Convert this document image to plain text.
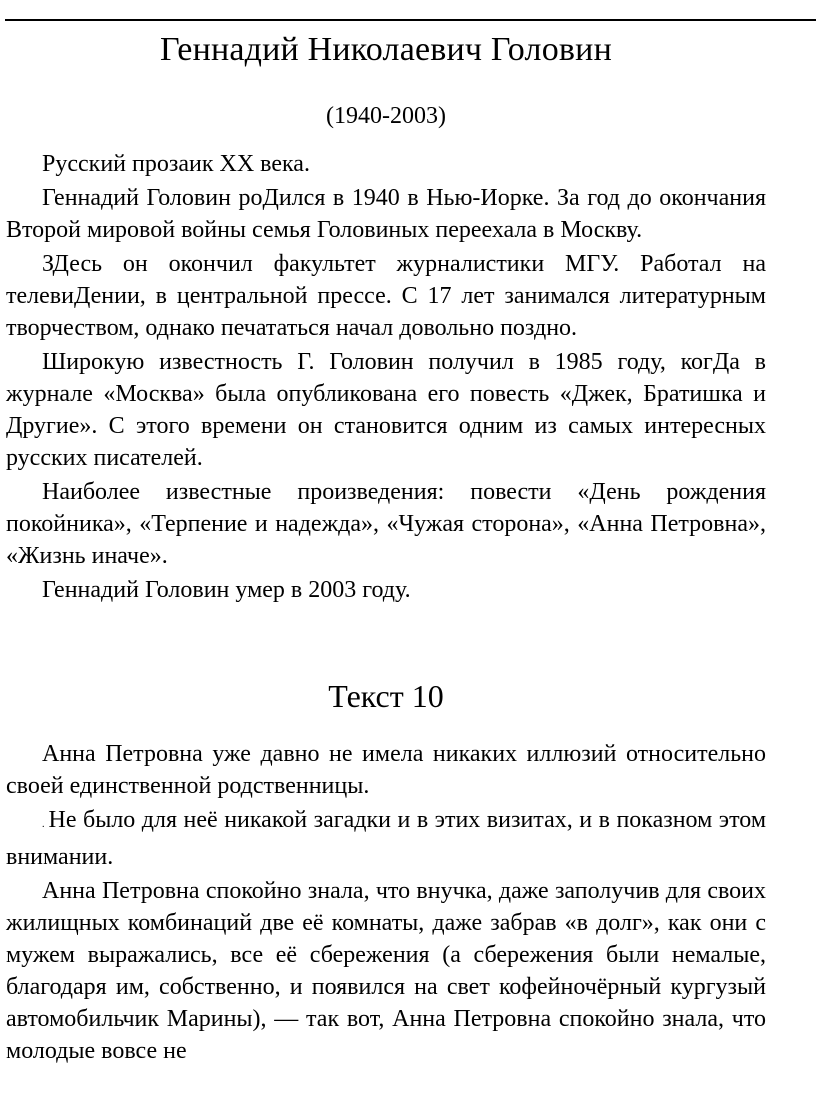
Геннадий Николаевич Головин
(1940-2003)

Русский прозаик XX века.

Геннадий Головин роДился в 1940 в Нью-Иорке. За год до окончания Второй мировой войны семья Головиных переехала в Москву.

ЗДесь он окончил факультет журналистики МГУ. Работал на телевиДении, в центральной прессе. С 17 лет занимался литературным творчеством, однако печататься начал довольно поздно.

Широкую известность Г. Головин получил в 1985 году, когДа в журнале «Москва» была опубликована его повесть «Джек, Братишка и Другие». С этого времени он становится одним из самых интересных русских писателей.

Наиболее известные произведения: повести «День рождения покойника», «Терпение и надежда», «Чужая сторона», «Анна Петровна», «Жизнь иначе».

Геннадий Головин умер в 2003 году.

Текст 10

Анна Петровна уже давно не имела никаких иллюзий относительно своей единственной родственницы.

. Не было для неё никакой загадки и в этих визитах, и в показном этом внимании.

Анна Петровна спокойно знала, что внучка, даже заполучив для своих жилищных комбинаций две её комнаты, даже забрав «в долг», как они с мужем выражались, все её сбережения (а сбережения были немалые, благодаря им, собственно, и появился на свет кофейночёрный кургузый автомобильчик Марины), — так вот, Анна Петровна спокойно знала, что молодые вовсе не
